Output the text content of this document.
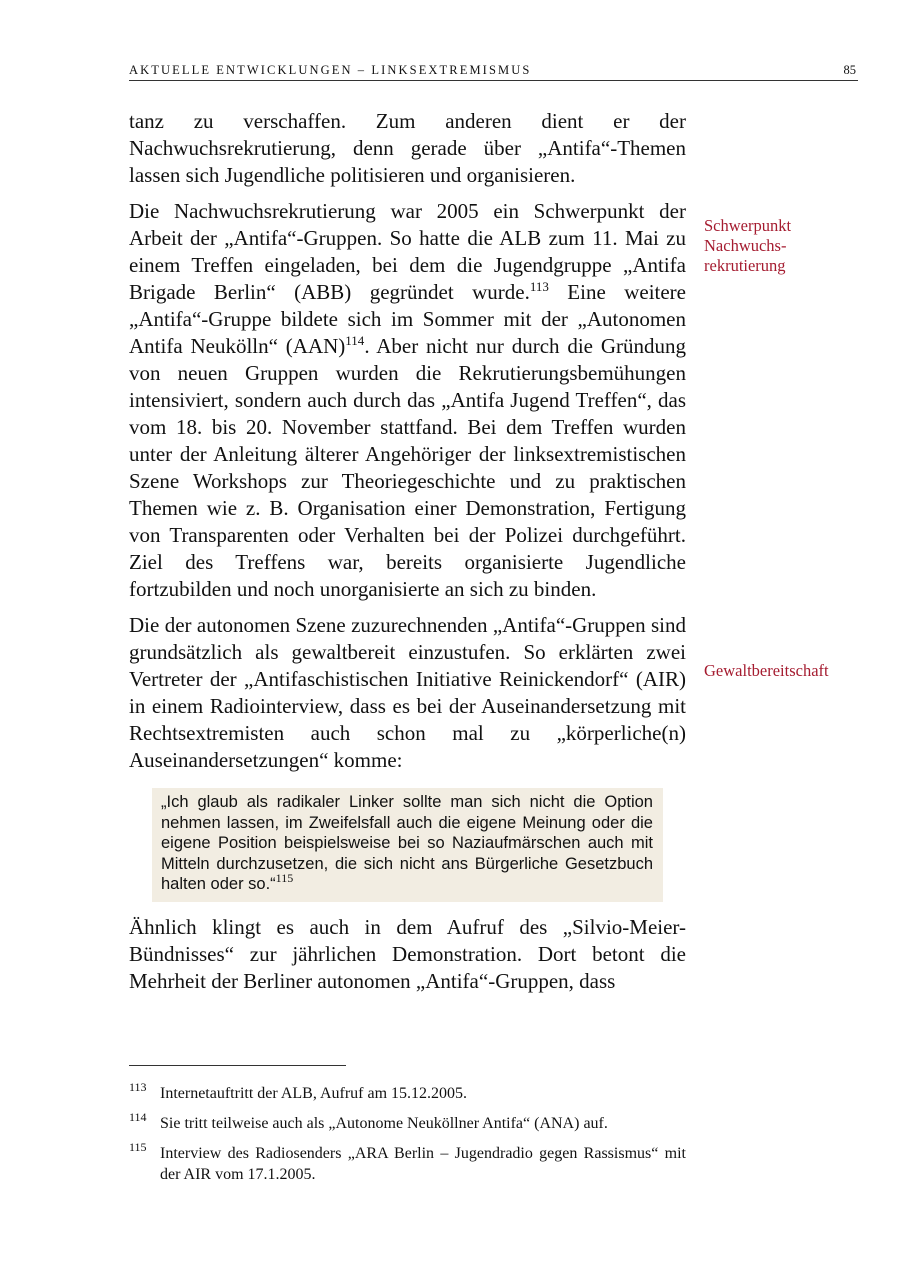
AKTUELLE ENTWICKLUNGEN – LINKSEXTREMISMUS	85

tanz zu verschaffen. Zum anderen dient er der Nachwuchsrekrutierung, denn gerade über „Antifa“-Themen lassen sich Jugendliche politisieren und organisieren.

Die Nachwuchsrekrutierung war 2005 ein Schwerpunkt der Arbeit der „Antifa“-Gruppen. So hatte die ALB zum 11. Mai zu einem Treffen eingeladen, bei dem die Jugendgruppe „Antifa Brigade Berlin“ (ABB) gegründet wurde.$^{113}$ Eine weitere „Antifa“-Gruppe bildete sich im Sommer mit der „Autonomen Antifa Neukölln“ (AAN)$^{114}$. Aber nicht nur durch die Gründung von neuen Gruppen wurden die Rekrutierungsbemühungen intensiviert, sondern auch durch das „Antifa Jugend Treffen“, das vom 18. bis 20. November stattfand. Bei dem Treffen wurden unter der Anleitung älterer Angehöriger der linksextremistischen Szene Workshops zur Theoriegeschichte und zu praktischen Themen wie z. B. Organisation einer Demonstration, Fertigung von Transparenten oder Verhalten bei der Polizei durchgeführt. Ziel des Treffens war, bereits organisierte Jugendliche fortzubilden und noch unorganisierte an sich zu binden.

Die der autonomen Szene zuzurechnenden „Antifa“-Gruppen sind grundsätzlich als gewaltbereit einzustufen. So erklärten zwei Vertreter der „Antifaschistischen Initiative Reinickendorf“ (AIR) in einem Radiointerview, dass es bei der Auseinandersetzung mit Rechtsextremisten auch schon mal zu „körperliche(n) Auseinandersetzungen“ komme:

„Ich glaub als radikaler Linker sollte man sich nicht die Option nehmen lassen, im Zweifelsfall auch die eigene Meinung oder die eigene Position beispielsweise bei so Naziaufmärschen auch mit Mitteln durchzusetzen, die sich nicht ans Bürgerliche Gesetzbuch halten oder so.“$^{115}$

Ähnlich klingt es auch in dem Aufruf des „Silvio-Meier-Bündnisses“ zur jährlichen Demonstration. Dort betont die Mehrheit der Berliner autonomen „Antifa“-Gruppen, dass

Schwerpunkt
Nachwuchs-
rekrutierung
Gewaltbereitschaft
113 Internetauftritt der ALB, Aufruf am 15.12.2005.
114 Sie tritt teilweise auch als „Autonome Neuköllner Antifa“ (ANA) auf.
115 Interview des Radiosenders „ARA Berlin – Jugendradio gegen Rassismus“ mit der AIR vom 17.1.2005.
